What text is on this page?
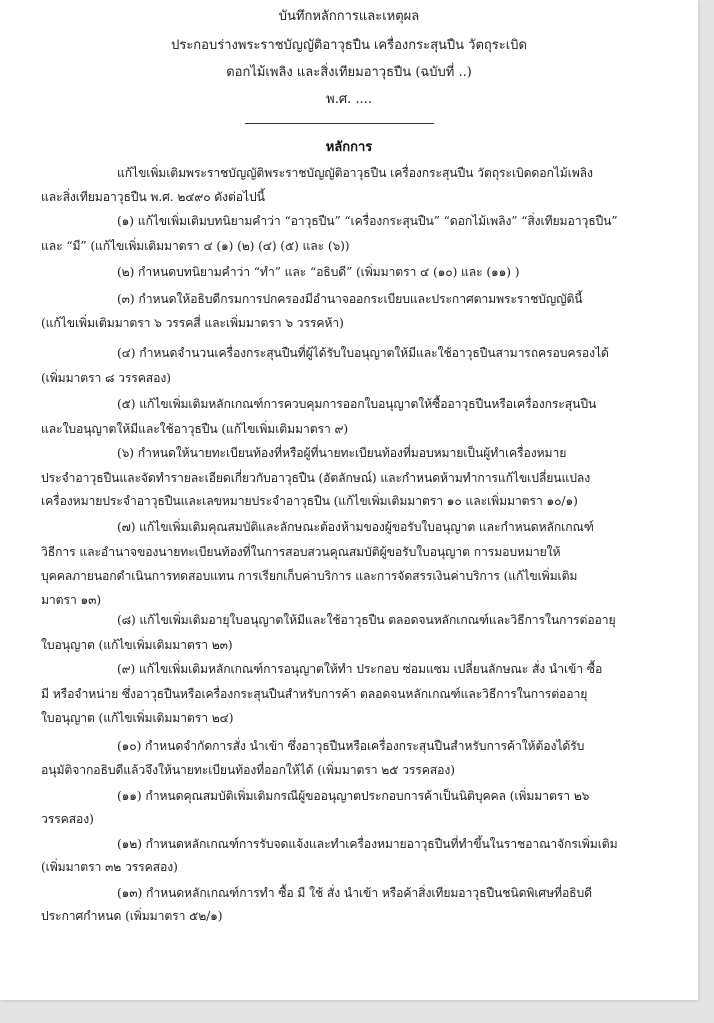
บันทึกหลักการและเหตุผล
ประกอบร่างพระราชบัญญัติอาวุธปืน เครื่องกระสุนปืน วัตถุระเบิด
ดอกไม้เพลิง และสิ่งเทียมอาวุธปืน (ฉบับที่ ..)
พ.ศ. ....
หลักการ
แก้ไขเพิ่มเติมพระราชบัญญัติพระราชบัญญัติอาวุธปืน เครื่องกระสุนปืน วัตถุระเบิดดอกไม้เพลิง
และสิ่งเทียมอาวุธปืน พ.ศ. ๒๔๙๐ ดังต่อไปนี้
(๑) แก้ไขเพิ่มเติมบทนิยามคำว่า “อาวุธปืน” “เครื่องกระสุนปืน” “ดอกไม้เพลิง” “สิ่งเทียมอาวุธปืน”
และ “มี” (แก้ไขเพิ่มเติมมาตรา ๔ (๑) (๒) (๔) (๕) และ (๖))
(๒) กำหนดบทนิยามคำว่า “ทำ” และ “อธิบดี” (เพิ่มมาตรา ๔ (๑๐) และ (๑๑) )
(๓) กำหนดให้อธิบดีกรมการปกครองมีอำนาจออกระเบียบและประกาศตามพระราชบัญญัตินี้
(แก้ไขเพิ่มเติมมาตรา ๖ วรรคสี่ และเพิ่มมาตรา ๖ วรรคห้า)
(๔) กำหนดจำนวนเครื่องกระสุนปืนที่ผู้ได้รับใบอนุญาตให้มีและใช้อาวุธปืนสามารถครอบครองได้
(เพิ่มมาตรา ๘ วรรคสอง)
(๕) แก้ไขเพิ่มเติมหลักเกณฑ์การควบคุมการออกใบอนุญาตให้ซื้ออาวุธปืนหรือเครื่องกระสุนปืน
และใบอนุญาตให้มีและใช้อาวุธปืน (แก้ไขเพิ่มเติมมาตรา ๙)
(๖) กำหนดให้นายทะเบียนท้องที่หรือผู้ที่นายทะเบียนท้องที่มอบหมายเป็นผู้ทำเครื่องหมาย
ประจำอาวุธปืนและจัดทำรายละเอียดเกี่ยวกับอาวุธปืน (อัตลักษณ์) และกำหนดห้ามทำการแก้ไขเปลี่ยนแปลง
เครื่องหมายประจำอาวุธปืนและเลขหมายประจำอาวุธปืน (แก้ไขเพิ่มเติมมาตรา ๑๐ และเพิ่มมาตรา ๑๐/๑)
(๗) แก้ไขเพิ่มเติมคุณสมบัติและลักษณะต้องห้ามของผู้ขอรับใบอนุญาต และกำหนดหลักเกณฑ์
วิธีการ และอำนาจของนายทะเบียนท้องที่ในการสอบสวนคุณสมบัติผู้ขอรับใบอนุญาต การมอบหมายให้
บุคคลภายนอกดำเนินการทดสอบแทน การเรียกเก็บค่าบริการ และการจัดสรรเงินค่าบริการ (แก้ไขเพิ่มเติม
มาตรา ๑๓)
(๘) แก้ไขเพิ่มเติมอายุใบอนุญาตให้มีและใช้อาวุธปืน ตลอดจนหลักเกณฑ์และวิธีการในการต่ออายุ
ใบอนุญาต (แก้ไขเพิ่มเติมมาตรา ๒๓)
(๙) แก้ไขเพิ่มเติมหลักเกณฑ์การอนุญาตให้ทำ ประกอบ ซ่อมแซม เปลี่ยนลักษณะ สั่ง นำเข้า ซื้อ
มี หรือจำหน่าย ซึ่งอาวุธปืนหรือเครื่องกระสุนปืนสำหรับการค้า ตลอดจนหลักเกณฑ์และวิธีการในการต่ออายุ
ใบอนุญาต (แก้ไขเพิ่มเติมมาตรา ๒๔)
(๑๐) กำหนดจำกัดการสั่ง นำเข้า ซึ่งอาวุธปืนหรือเครื่องกระสุนปืนสำหรับการค้าให้ต้องได้รับ
อนุมัติจากอธิบดีแล้วจึงให้นายทะเบียนท้องที่ออกให้ได้ (เพิ่มมาตรา ๒๕ วรรคสอง)
(๑๑) กำหนดคุณสมบัติเพิ่มเติมกรณีผู้ขออนุญาตประกอบการค้าเป็นนิติบุคคล (เพิ่มมาตรา ๒๖
วรรคสอง)
(๑๒) กำหนดหลักเกณฑ์การรับจดแจ้งและทำเครื่องหมายอาวุธปืนที่ทำขึ้นในราชอาณาจักรเพิ่มเติม
(เพิ่มมาตรา ๓๒ วรรคสอง)
(๑๓) กำหนดหลักเกณฑ์การทำ ซื้อ มี ใช้ สั่ง นำเข้า หรือค้าสิ่งเทียมอาวุธปืนชนิดพิเศษที่อธิบดี
ประกาศกำหนด (เพิ่มมาตรา ๕๒/๑)
